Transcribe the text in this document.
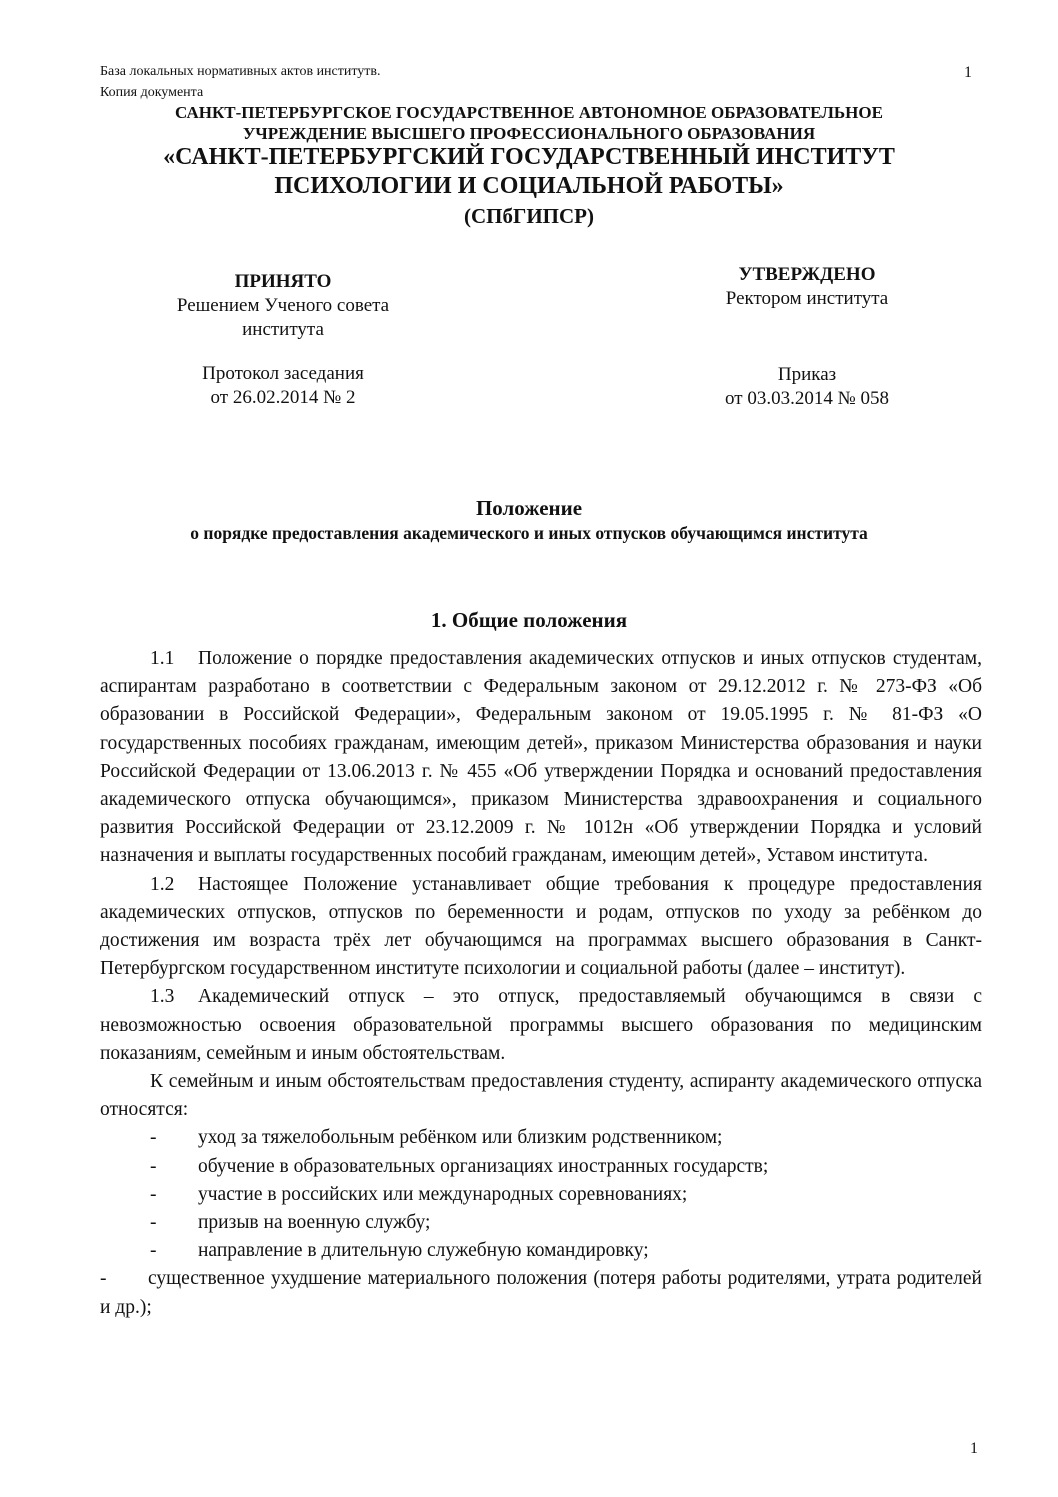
База локальных нормативных актов институтв.
Копия документа
1
САНКТ-ПЕТЕРБУРГСКОЕ ГОСУДАРСТВЕННОЕ АВТОНОМНОЕ ОБРАЗОВАТЕЛЬНОЕ
УЧРЕЖДЕНИЕ ВЫСШЕГО ПРОФЕССИОНАЛЬНОГО ОБРАЗОВАНИЯ
«САНКТ-ПЕТЕРБУРГСКИЙ ГОСУДАРСТВЕННЫЙ ИНСТИТУТ
ПСИХОЛОГИИ И СОЦИАЛЬНОЙ РАБОТЫ»
(СПбГИПСР)
ПРИНЯТО
Решением Ученого совета
института
Протокол заседания
от 26.02.2014 № 2
УТВЕРЖДЕНО
Ректором института
Приказ
от 03.03.2014 № 058
Положение
о порядке предоставления академического и иных отпусков обучающимся института
1. Общие положения

1.1 Положение о порядке предоставления академических отпусков и иных отпусков студентам, аспирантам разработано в соответствии с Федеральным законом от 29.12.2012 г. № 273-ФЗ «Об образовании в Российской Федерации», Федеральным законом от 19.05.1995 г. № 81-ФЗ «О государственных пособиях гражданам, имеющим детей», приказом Министерства образования и науки Российской Федерации от 13.06.2013 г. № 455 «Об утверждении Порядка и оснований предоставления академического отпуска обучающимся», приказом Министерства здравоохранения и социального развития Российской Федерации от 23.12.2009 г. № 1012н «Об утверждении Порядка и условий назначения и выплаты государственных пособий гражданам, имеющим детей», Уставом института.

1.2 Настоящее Положение устанавливает общие требования к процедуре предоставления академических отпусков, отпусков по беременности и родам, отпусков по уходу за ребёнком до достижения им возраста трёх лет обучающимся на программах высшего образования в Санкт-Петербургском государственном институте психологии и социальной работы (далее – институт).

1.3 Академический отпуск – это отпуск, предоставляемый обучающимся в связи с невозможностью освоения образовательной программы высшего образования по медицинским показаниям, семейным и иным обстоятельствам.

К семейным и иным обстоятельствам предоставления студенту, аспиранту академического отпуска относятся:

-	уход за тяжелобольным ребёнком или близким родственником;

-	обучение в образовательных организациях иностранных государств;

-	участие в российских или международных соревнованиях;

-	призыв на военную службу;

-	направление в длительную служебную командировку;

- существенное ухудшение материального положения (потеря работы родителями, утрата родителей и др.);

1
